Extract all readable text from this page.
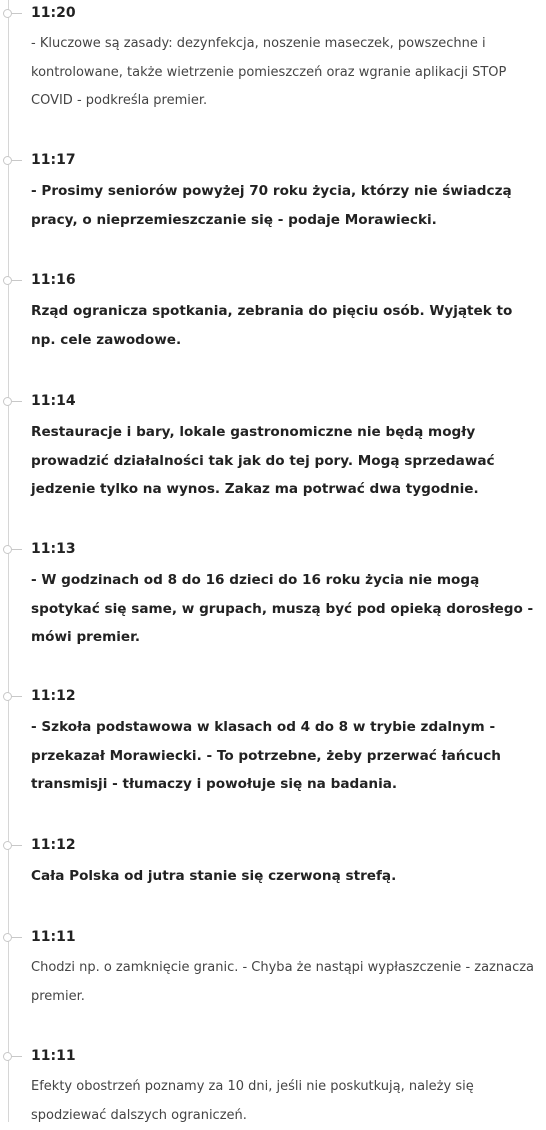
11:20

- Kluczowe są zasady: dezynfekcja, noszenie maseczek, powszechne i kontrolowane, także wietrzenie pomieszczeń oraz wgranie aplikacji STOP COVID - podkreśla premier.

11:17

- Prosimy seniorów powyżej 70 roku życia, którzy nie świadczą pracy, o nieprzemieszczanie się - podaje Morawiecki.

11:16

Rząd ogranicza spotkania, zebrania do pięciu osób. Wyjątek to np. cele zawodowe.

11:14

Restauracje i bary, lokale gastronomiczne nie będą mogły prowadzić działalności tak jak do tej pory. Mogą sprzedawać jedzenie tylko na wynos. Zakaz ma potrwać dwa tygodnie.

11:13

- W godzinach od 8 do 16 dzieci do 16 roku życia nie mogą spotykać się same, w grupach, muszą być pod opieką dorosłego - mówi premier.

11:12

- Szkoła podstawowa w klasach od 4 do 8 w trybie zdalnym - przekazał Morawiecki. - To potrzebne, żeby przerwać łańcuch transmisji - tłumaczy i powołuje się na badania.

11:12

Cała Polska od jutra stanie się czerwoną strefą.

11:11

Chodzi np. o zamknięcie granic. - Chyba że nastąpi wypłaszczenie - zaznacza premier.

11:11

Efekty obostrzeń poznamy za 10 dni, jeśli nie poskutkują, należy się spodziewać dalszych ograniczeń.
